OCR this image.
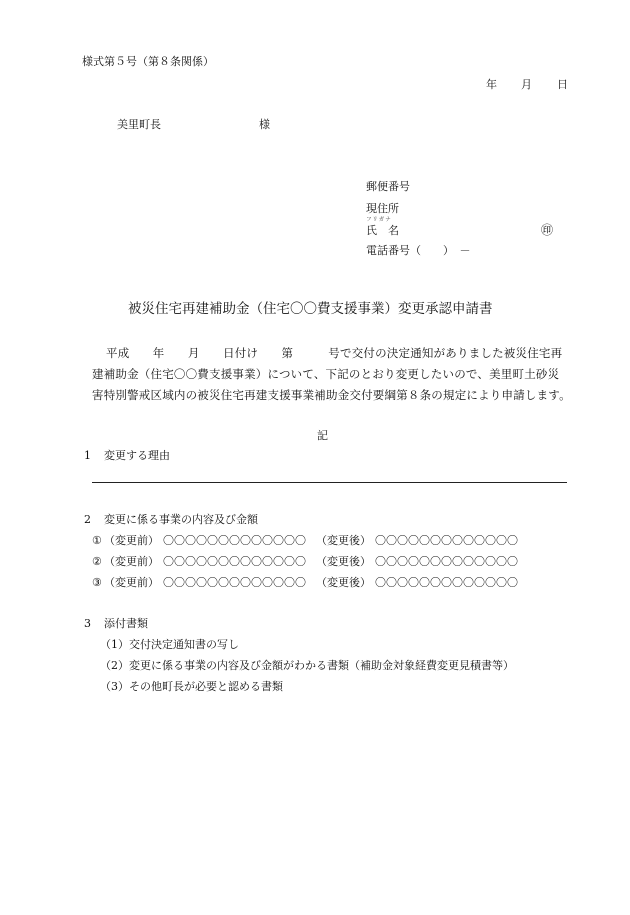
様式第５号（第８条関係）
年 月 日
美里町長	様
郵便番号
現住所
フリガナ
氏　名	㊞
電話番号（　　）　－
被災住宅再建補助金（住宅〇〇費支援事業）変更承認申請書
平成　　年　　月　　日付け　　第　　　号で交付の決定通知がありました被災住宅再
建補助金（住宅〇〇費支援事業）について、下記のとおり変更したいので、美里町土砂災
害特別警戒区域内の被災住宅再建支援事業補助金交付要綱第８条の規定により申請します。
記
1 変更する理由
2 変更に係る事業の内容及び金額
① （変更前） 〇〇〇〇〇〇〇〇〇〇〇〇〇 （変更後） 〇〇〇〇〇〇〇〇〇〇〇〇〇
② （変更前） 〇〇〇〇〇〇〇〇〇〇〇〇〇 （変更後） 〇〇〇〇〇〇〇〇〇〇〇〇〇
③ （変更前） 〇〇〇〇〇〇〇〇〇〇〇〇〇 （変更後） 〇〇〇〇〇〇〇〇〇〇〇〇〇
3 添付書類
（1）交付決定通知書の写し
（2）変更に係る事業の内容及び金額がわかる書類（補助金対象経費変更見積書等）
（3）その他町長が必要と認める書類
